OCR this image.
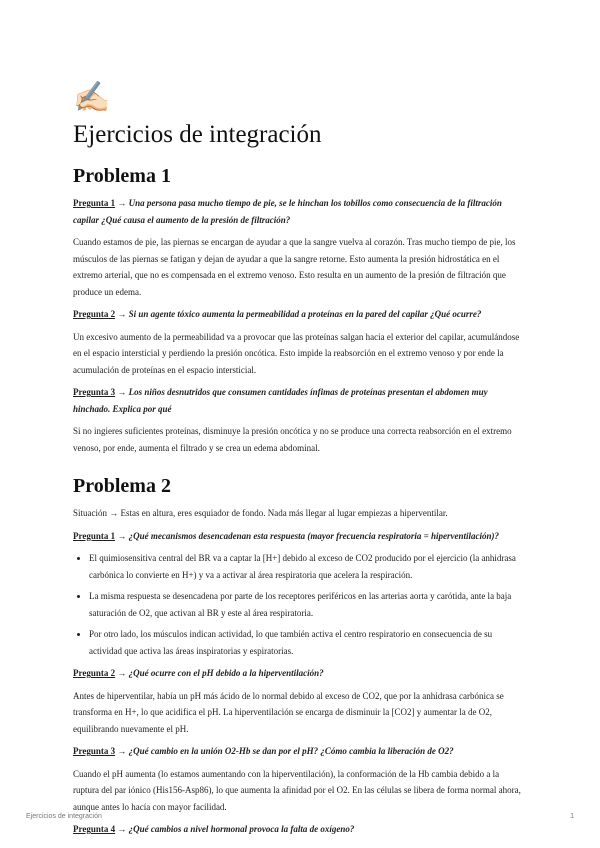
✍🏻
Ejercicios de integración
Problema 1

Pregunta 1 → Una persona pasa mucho tiempo de pie, se le hinchan los tobillos como consecuencia de la filtración capilar ¿Qué causa el aumento de la presión de filtración?

Cuando estamos de pie, las piernas se encargan de ayudar a que la sangre vuelva al corazón. Tras mucho tiempo de pie, los músculos de las piernas se fatigan y dejan de ayudar a que la sangre retorne. Esto aumenta la presión hidrostática en el extremo arterial, que no es compensada en el extremo venoso. Esto resulta en un aumento de la presión de filtración que produce un edema.

Pregunta 2 → Si un agente tóxico aumenta la permeabilidad a proteínas en la pared del capilar ¿Qué ocurre?

Un excesivo aumento de la permeabilidad va a provocar que las proteínas salgan hacia el exterior del capilar, acumulándose en el espacio intersticial y perdiendo la presión oncótica. Esto impide la reabsorción en el extremo venoso y por ende la acumulación de proteínas en el espacio intersticial.

Pregunta 3 → Los niños desnutridos que consumen cantidades ínfimas de proteínas presentan el abdomen muy hinchado. Explica por qué

Si no ingieres suficientes proteínas, disminuye la presión oncótica y no se produce una correcta reabsorción en el extremo venoso, por ende, aumenta el filtrado y se crea un edema abdominal.

Problema 2

Situación → Estas en altura, eres esquiador de fondo. Nada más llegar al lugar empiezas a hiperventilar.

Pregunta 1 → ¿Qué mecanismos desencadenan esta respuesta (mayor frecuencia respiratoria = hiperventilación)?

• El quimiosensitiva central del BR va a captar la [H+] debido al exceso de CO2 producido por el ejercicio (la anhidrasa carbónica lo convierte en H+) y va a activar al área respiratoria que acelera la respiración.
• La misma respuesta se desencadena por parte de los receptores periféricos en las arterias aorta y carótida, ante la baja saturación de O2, que activan al BR y este al área respiratoria.
• Por otro lado, los músculos indican actividad, lo que también activa el centro respiratorio en consecuencia de su actividad que activa las áreas inspiratorias y espiratorias.

Pregunta 2 → ¿Qué ocurre con el pH debido a la hiperventilación?

Antes de hiperventilar, había un pH más ácido de lo normal debido al exceso de CO2, que por la anhidrasa carbónica se transforma en H+, lo que acidifica el pH. La hiperventilación se encarga de disminuir la [CO2] y aumentar la de O2, equilibrando nuevamente el pH.

Pregunta 3 → ¿Qué cambio en la unión O2-Hb se dan por el pH? ¿Cómo cambia la liberación de O2?

Cuando el pH aumenta (lo estamos aumentando con la hiperventilación), la conformación de la Hb cambia debido a la ruptura del par iónico (His156-Asp86), lo que aumenta la afinidad por el O2. En las células se libera de forma normal ahora, aunque antes lo hacía con mayor facilidad.

Pregunta 4 → ¿Qué cambios a nivel hormonal provoca la falta de oxígeno?

Ejercicios de integración	1
